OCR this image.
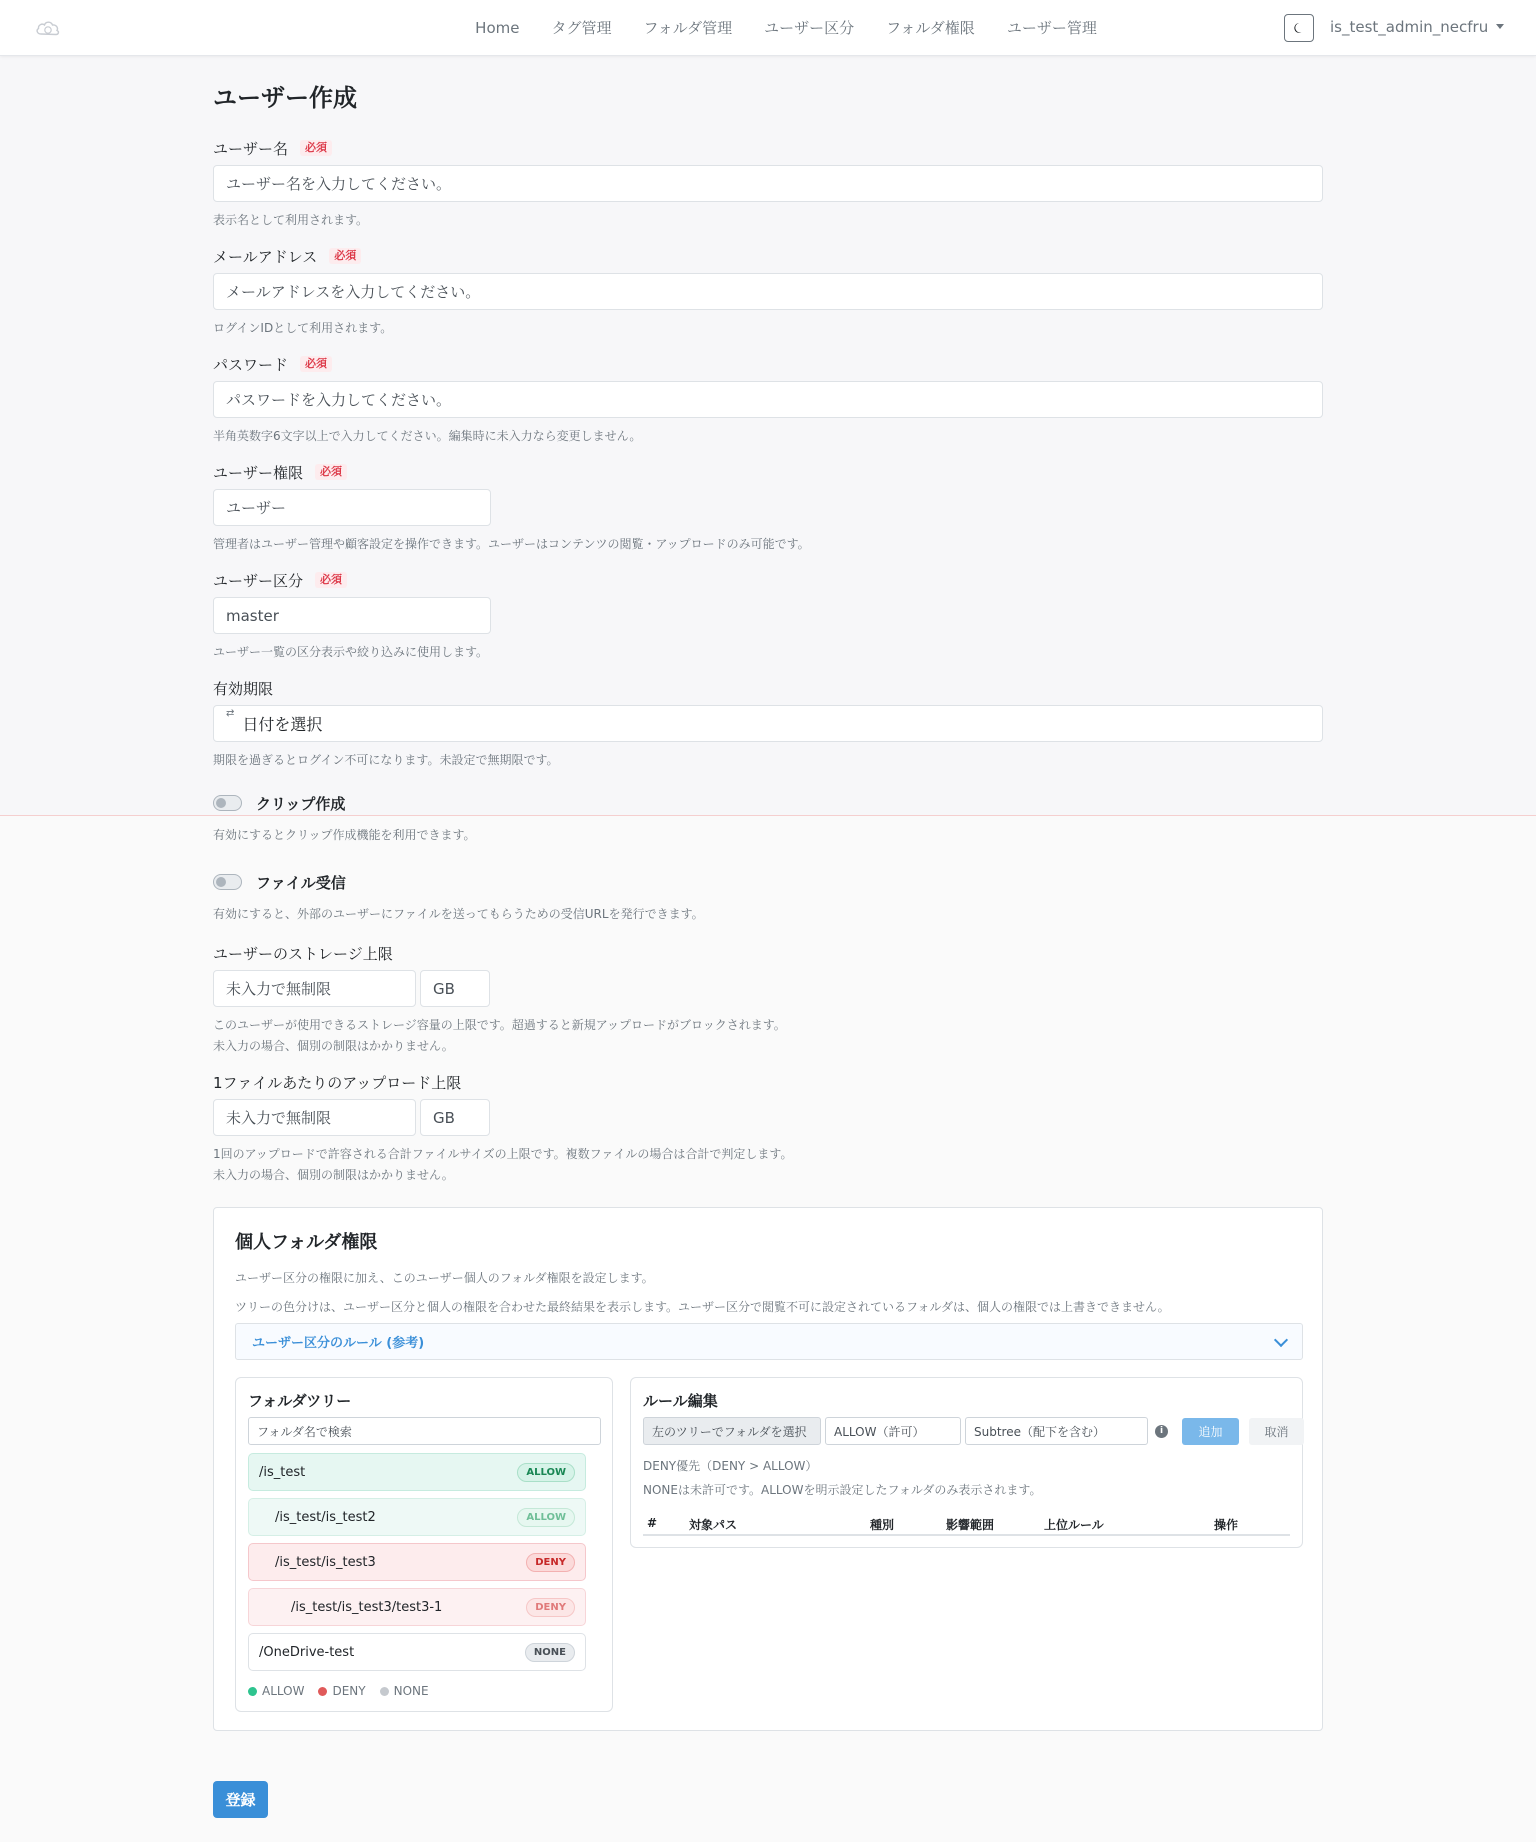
Home	タグ管理	フォルダ管理	ユーザー区分	フォルダ権限	ユーザー管理	is_test_admin_necfru
ユーザー作成
ユーザー名	必須
ユーザー名を入力してください。
表示名として利用されます。
メールアドレス	必須
メールアドレスを入力してください。
ログインIDとして利用されます。
パスワード	必須
パスワードを入力してください。
半角英数字6文字以上で入力してください。編集時に未入力なら変更しません。
ユーザー権限	必須
ユーザー
管理者はユーザー管理や顧客設定を操作できます。ユーザーはコンテンツの閲覧・アップロードのみ可能です。
ユーザー区分	必須
master
ユーザー一覧の区分表示や絞り込みに使用します。
有効期限
⇄
日付を選択
期限を過ぎるとログイン不可になります。未設定で無期限です。
クリップ作成
有効にするとクリップ作成機能を利用できます。
ファイル受信
有効にすると、外部のユーザーにファイルを送ってもらうための受信URLを発行できます。
ユーザーのストレージ上限
未入力で無制限	GB
このユーザーが使用できるストレージ容量の上限です。超過すると新規アップロードがブロックされます。
未入力の場合、個別の制限はかかりません。
1ファイルあたりのアップロード上限
未入力で無制限	GB
1回のアップロードで許容される合計ファイルサイズの上限です。複数ファイルの場合は合計で判定します。
未入力の場合、個別の制限はかかりません。
個人フォルダ権限
ユーザー区分の権限に加え、このユーザー個人のフォルダ権限を設定します。
ツリーの色分けは、ユーザー区分と個人の権限を合わせた最終結果を表示します。ユーザー区分で閲覧不可に設定されているフォルダは、個人の権限では上書きできません。
ユーザー区分のルール (参考)
フォルダツリー
フォルダ名で検索
/is_test	ALLOW
/is_test/is_test2	ALLOW
/is_test/is_test3	DENY
/is_test/is_test3/test3-1	DENY
/OneDrive-test	NONE
ALLOW DENY NONE
ルール編集
左のツリーでフォルダを選択	ALLOW（許可）	Subtree（配下を含む）	i	追加	取消
DENY優先（DENY > ALLOW）
NONEは未許可です。ALLOWを明示設定したフォルダのみ表示されます。
#	対象パス	種別	影響範囲	上位ルール	操作
登録
